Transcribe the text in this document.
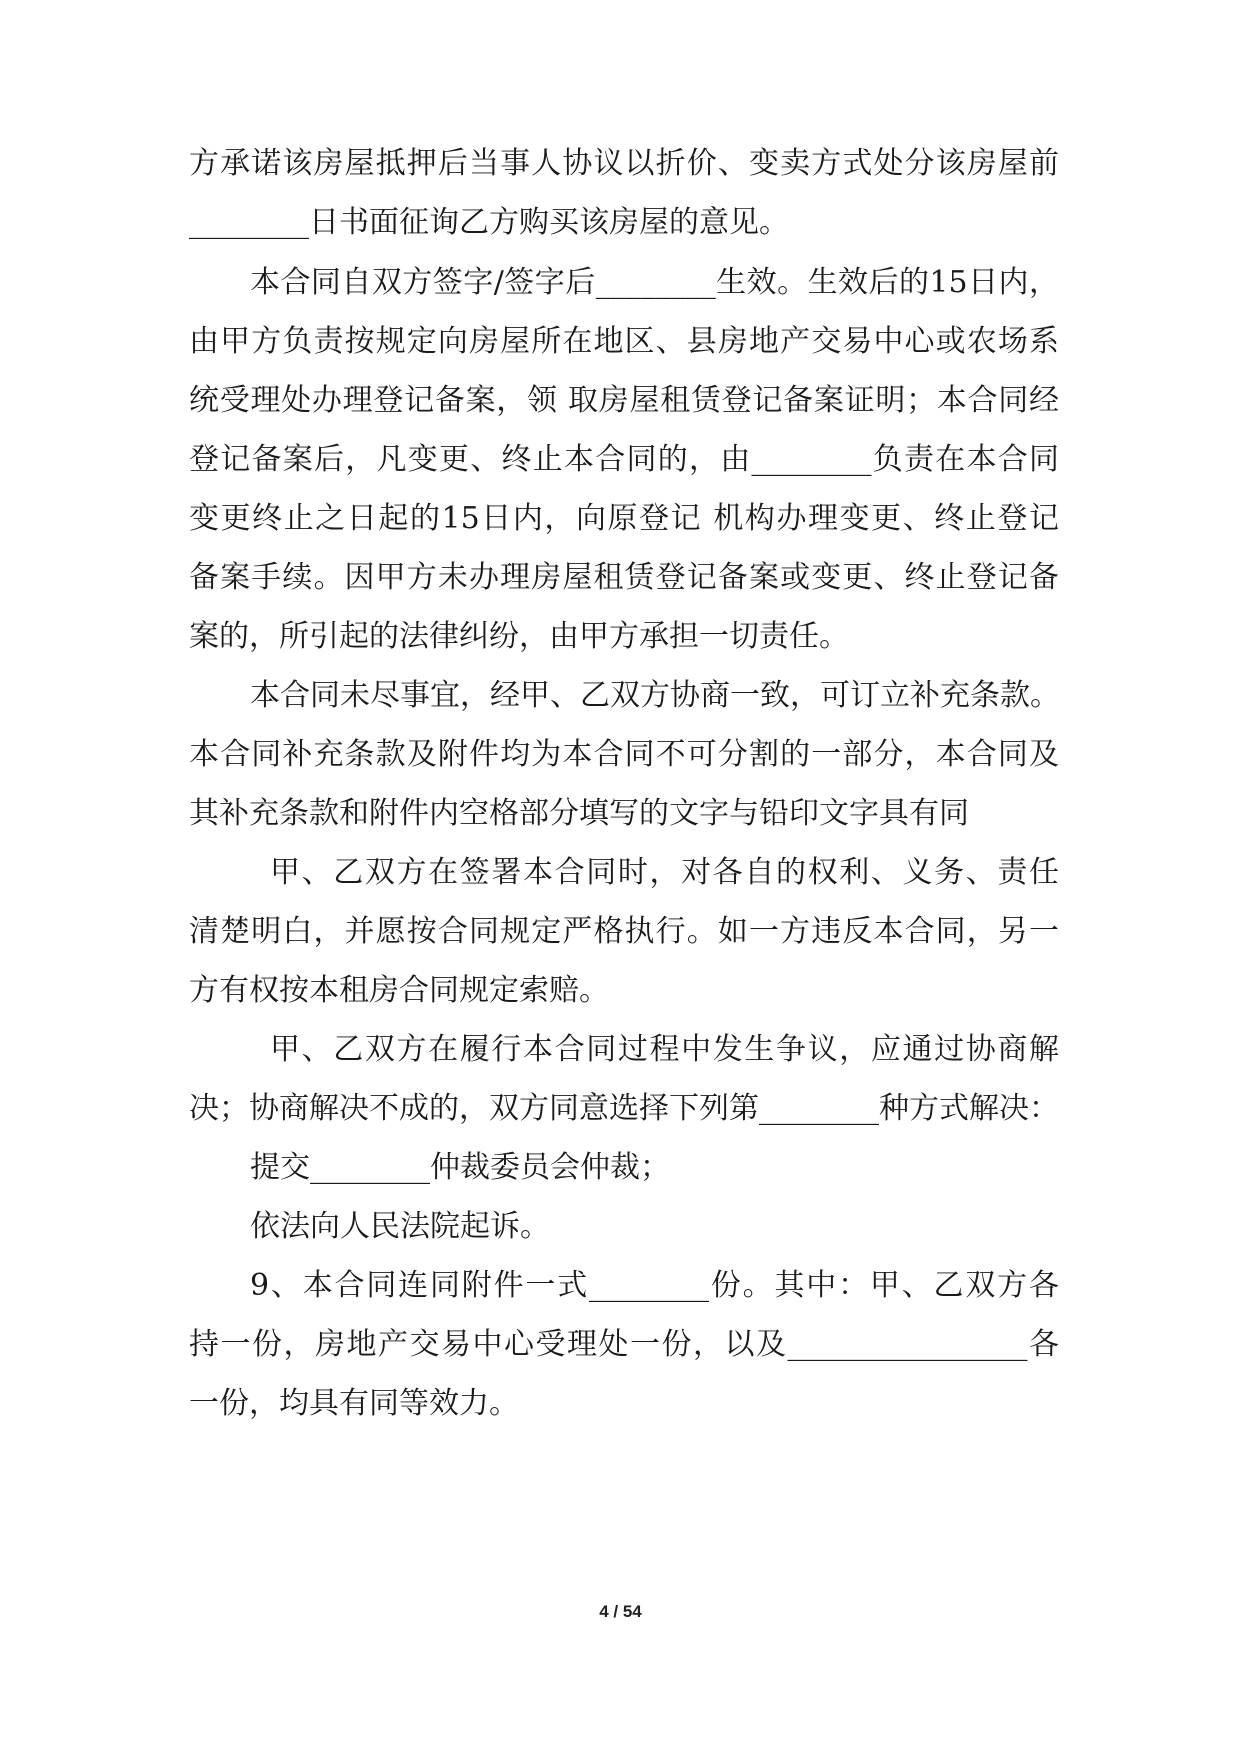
方承诺该房屋抵押后当事人协议以折价、变卖方式处分该房屋前
________日书面征询乙方购买该房屋的意见。
本合同自双方签字/签字后________生效。生效后的15日内，
由甲方负责按规定向房屋所在地区、县房地产交易中心或农场系
统受理处办理登记备案，领 取房屋租赁登记备案证明；本合同经
登记备案后，凡变更、终止本合同的，由________负责在本合同
变更终止之日起的15日内，向原登记 机构办理变更、终止登记
备案手续。因甲方未办理房屋租赁登记备案或变更、终止登记备
案的，所引起的法律纠纷，由甲方承担一切责任。
本合同未尽事宜，经甲、乙双方协商一致，可订立补充条款。
本合同补充条款及附件均为本合同不可分割的一部分，本合同及
其补充条款和附件内空格部分填写的文字与铅印文字具有同
甲、乙双方在签署本合同时，对各自的权利、义务、责任
清楚明白，并愿按合同规定严格执行。如一方违反本合同，另一
方有权按本租房合同规定索赔。
甲、乙双方在履行本合同过程中发生争议，应通过协商解
决；协商解决不成的，双方同意选择下列第________种方式解决：
提交________仲裁委员会仲裁；
依法向人民法院起诉。
9、本合同连同附件一式________份。其中：甲、乙双方各
持一份，房地产交易中心受理处一份，以及________________各
一份，均具有同等效力。
4 / 54
